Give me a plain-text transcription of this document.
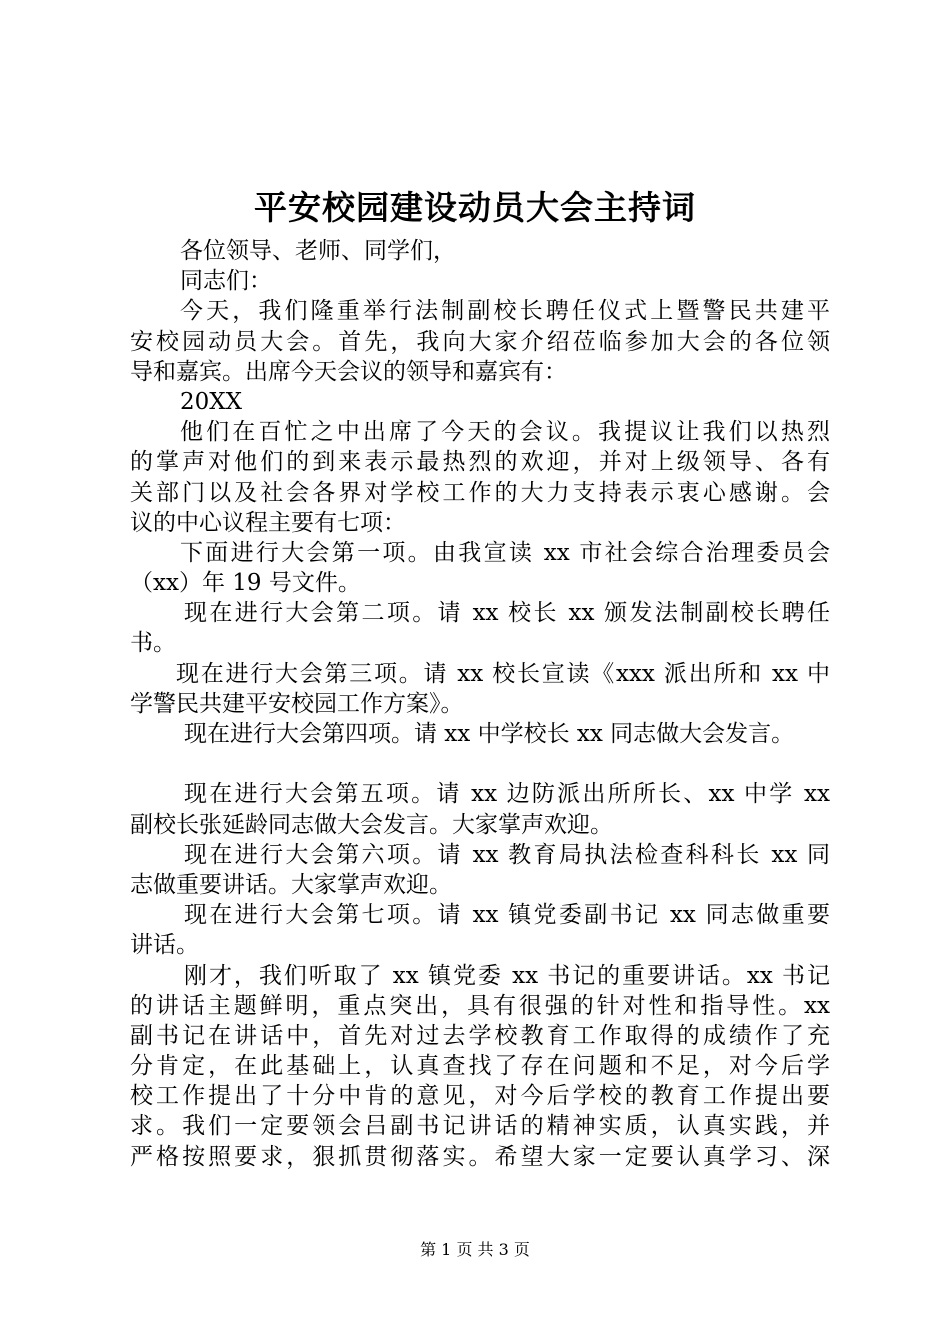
平安校园建设动员大会主持词
各位领导、老师、同学们，
同志们：
今天，我们隆重举行法制副校长聘任仪式上暨警民共建平
安校园动员大会。首先，我向大家介绍莅临参加大会的各位领
导和嘉宾。出席今天会议的领导和嘉宾有：
20XX
他们在百忙之中出席了今天的会议。我提议让我们以热烈
的掌声对他们的到来表示最热烈的欢迎，并对上级领导、各有
关部门以及社会各界对学校工作的大力支持表示衷心感谢。会
议的中心议程主要有七项：
下面进行大会第一项。由我宣读 xx 市社会综合治理委员会
（xx）年 19 号文件。
现在进行大会第二项。请 xx 校长 xx 颁发法制副校长聘任
书。
现在进行大会第三项。请 xx 校长宣读《xxx 派出所和 xx 中
学警民共建平安校园工作方案》。
现在进行大会第四项。请 xx 中学校长 xx 同志做大会发言。
现在进行大会第五项。请 xx 边防派出所所长、xx 中学 xx
副校长张延龄同志做大会发言。大家掌声欢迎。
现在进行大会第六项。请 xx 教育局执法检查科科长 xx 同
志做重要讲话。大家掌声欢迎。
现在进行大会第七项。请 xx 镇党委副书记 xx 同志做重要
讲话。
刚才，我们听取了 xx 镇党委 xx 书记的重要讲话。xx 书记
的讲话主题鲜明，重点突出，具有很强的针对性和指导性。xx
副书记在讲话中，首先对过去学校教育工作取得的成绩作了充
分肯定，在此基础上，认真查找了存在问题和不足，对今后学
校工作提出了十分中肯的意见，对今后学校的教育工作提出要
求。我们一定要领会吕副书记讲话的精神实质，认真实践，并
严格按照要求，狠抓贯彻落实。希望大家一定要认真学习、深
第 1 页 共 3 页
